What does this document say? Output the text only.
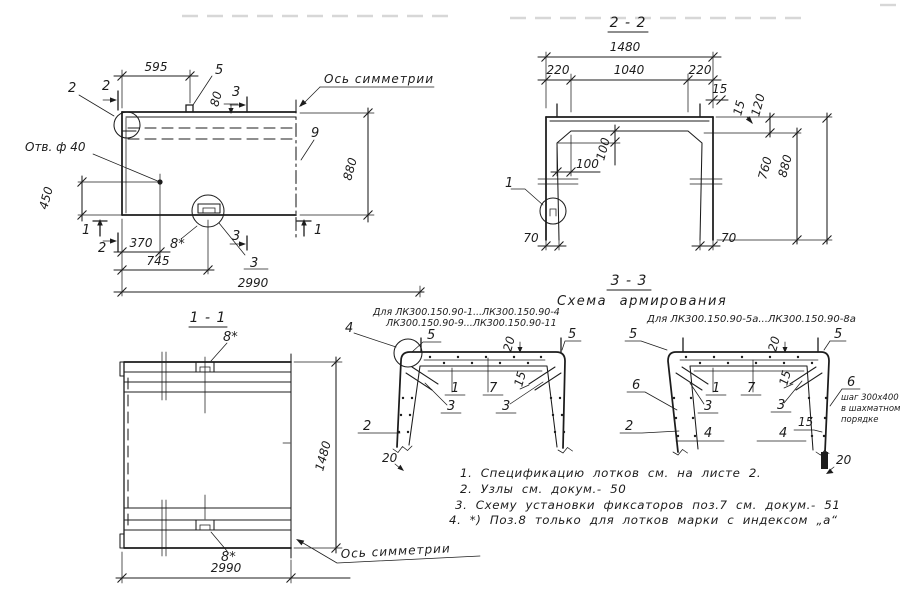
Отв. ф 40
595	5
80 3
Ось симметрии
9
880
450
2 2
1	1
2 370 8*
3
3
745
2990
2 - 2
1
1480
220	1040	220
15
15 120
760 880
100
100
70	70
1 - 1
8*
8*
1480
2990
Ось симметрии
3 - 3
Схема армирования
Для ЛК300.150.90-1...ЛК300.150.90-4
ЛК300.150.90-9...ЛК300.150.90-11
4	5	20
5
15
1 7
3	3
2
20
Для ЛК300.150.90-5а...ЛК300.150.90-8а
5
20
5
6
2
1 7
3	3
4	4
15
15	6
шаг 300х400
в шахматном
порядке
20
1. Спецификацию лотков см. на листе 2.
2. Узлы см. докум.- 50
3. Схему установки фиксаторов поз.7 см. докум.- 51
4. *) Поз.8 только для лотков марки с индексом „а“
